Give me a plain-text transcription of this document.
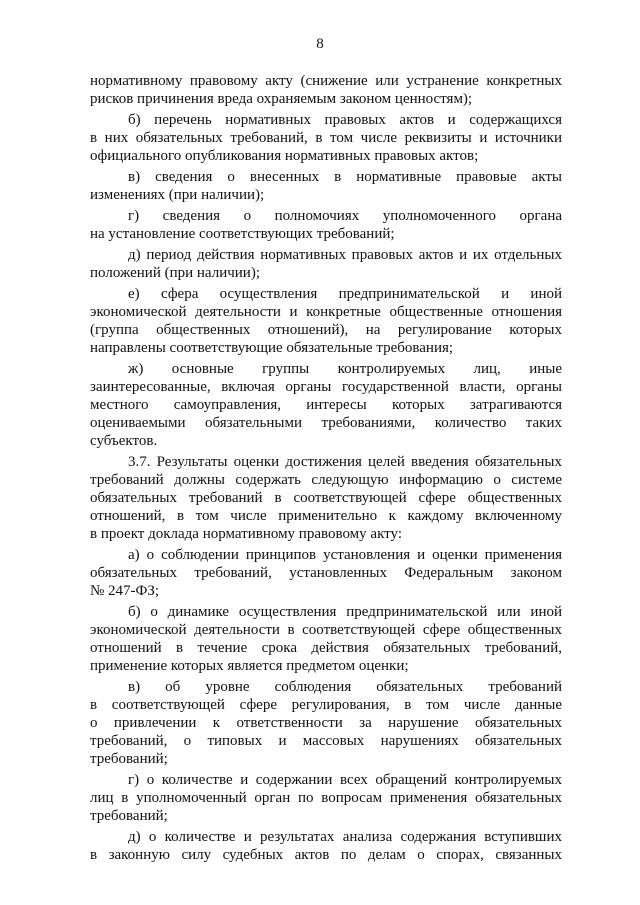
8
нормативному правовому акту (снижение или устранение конкретных
рисков причинения вреда охраняемым законом ценностям);
б) перечень нормативных правовых актов и содержащихся
в них обязательных требований, в том числе реквизиты и источники
официального опубликования нормативных правовых актов;
в) сведения о внесенных в нормативные правовые акты
изменениях (при наличии);
г) сведения о полномочиях уполномоченного органа
на установление соответствующих требований;
д) период действия нормативных правовых актов и их отдельных
положений (при наличии);
е) сфера осуществления предпринимательской и иной
экономической деятельности и конкретные общественные отношения
(группа общественных отношений), на регулирование которых
направлены соответствующие обязательные требования;
ж) основные группы контролируемых лиц, иные
заинтересованные, включая органы государственной власти, органы
местного самоуправления, интересы которых затрагиваются
оцениваемыми обязательными требованиями, количество таких
субъектов.
3.7. Результаты оценки достижения целей введения обязательных
требований должны содержать следующую информацию о системе
обязательных требований в соответствующей сфере общественных
отношений, в том числе применительно к каждому включенному
в проект доклада нормативному правовому акту:
а) о соблюдении принципов установления и оценки применения
обязательных требований, установленных Федеральным законом
№ 247-ФЗ;
б) о динамике осуществления предпринимательской или иной
экономической деятельности в соответствующей сфере общественных
отношений в течение срока действия обязательных требований,
применение которых является предметом оценки;
в) об уровне соблюдения обязательных требований
в соответствующей сфере регулирования, в том числе данные
о привлечении к ответственности за нарушение обязательных
требований, о типовых и массовых нарушениях обязательных
требований;
г) о количестве и содержании всех обращений контролируемых
лиц в уполномоченный орган по вопросам применения обязательных
требований;
д) о количестве и результатах анализа содержания вступивших
в законную силу судебных актов по делам о спорах, связанных
